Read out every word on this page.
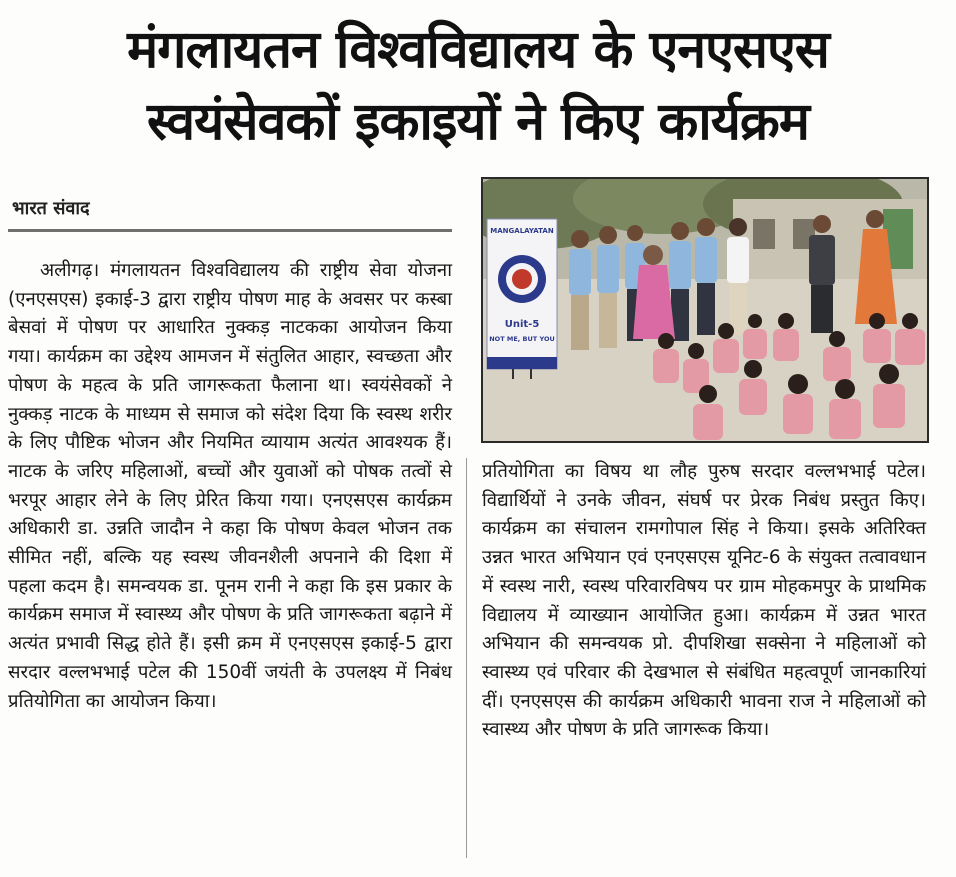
मंगलायतन विश्वविद्यालय के एनएसएस
स्वयंसेवकों इकाइयों ने किए कार्यक्रम
भारत संवाद

अलीगढ़। मंगलायतन विश्वविद्यालय की राष्ट्रीय सेवा योजना (एनएसएस) इकाई-3 द्वारा राष्ट्रीय पोषण माह के अवसर पर कस्बा बेसवां में पोषण पर आधारित नुक्कड़ नाटकका आयोजन किया गया। कार्यक्रम का उद्देश्य आमजन में संतुलित आहार, स्वच्छता और पोषण के महत्व के प्रति जागरूकता फैलाना था। स्वयंसेवकों ने नुक्कड़ नाटक के माध्यम से समाज को संदेश दिया कि स्वस्थ शरीर के लिए पौष्टिक भोजन और नियमित व्यायाम अत्यंत आवश्यक हैं। नाटक के जरिए महिलाओं, बच्चों और युवाओं को पोषक तत्वों से भरपूर आहार लेने के लिए प्रेरित किया गया। एनएसएस कार्यक्रम अधिकारी डा. उन्नति जादौन ने कहा कि पोषण केवल भोजन तक सीमित नहीं, बल्कि यह स्वस्थ जीवनशैली अपनाने की दिशा में पहला कदम है। समन्वयक डा. पूनम रानी ने कहा कि इस प्रकार के कार्यक्रम समाज में स्वास्थ्य और पोषण के प्रति जागरूकता बढ़ाने में अत्यंत प्रभावी सिद्ध होते हैं। इसी क्रम में एनएसएस इकाई-5 द्वारा सरदार वल्लभभाई पटेल की 150वीं जयंती के उपलक्ष्य में निबंध प्रतियोगिता का आयोजन किया।

MANGALAYATAN
Unit-5
NOT ME, BUT YOU

प्रतियोगिता का विषय था लौह पुरुष सरदार वल्लभभाई पटेल। विद्यार्थियों ने उनके जीवन, संघर्ष पर प्रेरक निबंध प्रस्तुत किए। कार्यक्रम का संचालन रामगोपाल सिंह ने किया। इसके अतिरिक्त उन्नत भारत अभियान एवं एनएसएस यूनिट-6 के संयुक्त तत्वावधान में स्वस्थ नारी, स्वस्थ परिवारविषय पर ग्राम मोहकमपुर के प्राथमिक विद्यालय में व्याख्यान आयोजित हुआ। कार्यक्रम में उन्नत भारत अभियान की समन्वयक प्रो. दीपशिखा सक्सेना ने महिलाओं को स्वास्थ्य एवं परिवार की देखभाल से संबंधित महत्वपूर्ण जानकारियां दीं। एनएसएस की कार्यक्रम अधिकारी भावना राज ने महिलाओं को स्वास्थ्य और पोषण के प्रति जागरूक किया।
